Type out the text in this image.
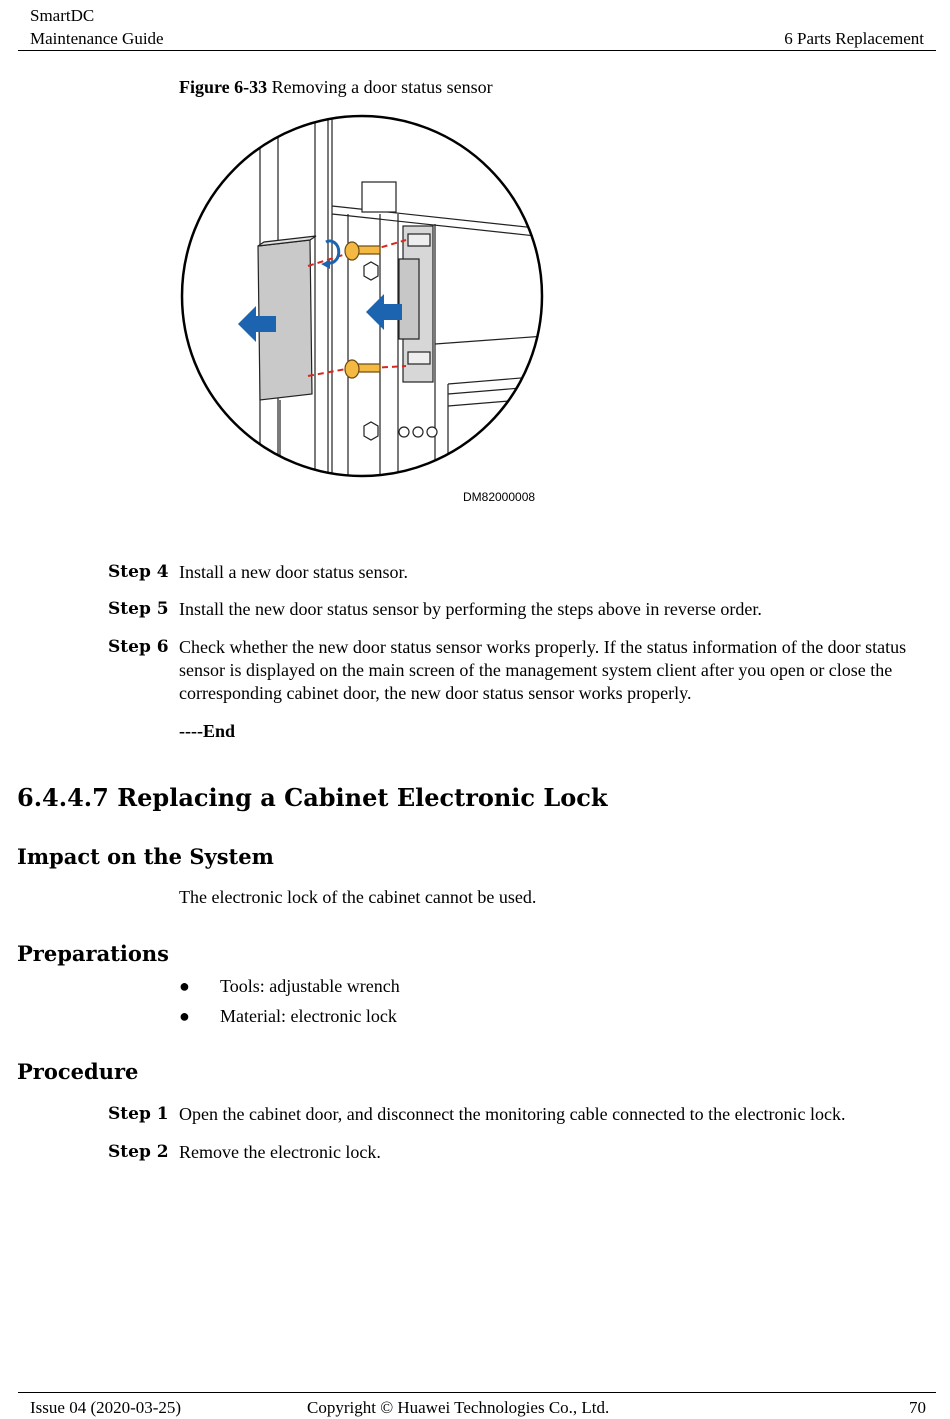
SmartDC
Maintenance Guide	6 Parts Replacement
Figure 6-33 Removing a door status sensor
DM82000008
Step 4 Install a new door status sensor.
Step 5 Install the new door status sensor by performing the steps above in reverse order.
Step 6 Check whether the new door status sensor works properly. If the status information of the door status sensor is displayed on the main screen of the management system client after you open or close the corresponding cabinet door, the new door status sensor works properly.
----End
6.4.4.7 Replacing a Cabinet Electronic Lock
Impact on the System
The electronic lock of the cabinet cannot be used.
Preparations
● Tools: adjustable wrench
● Material: electronic lock
Procedure
Step 1 Open the cabinet door, and disconnect the monitoring cable connected to the electronic lock.
Step 2 Remove the electronic lock.
Issue 04 (2020-03-25)	Copyright © Huawei Technologies Co., Ltd.	70
